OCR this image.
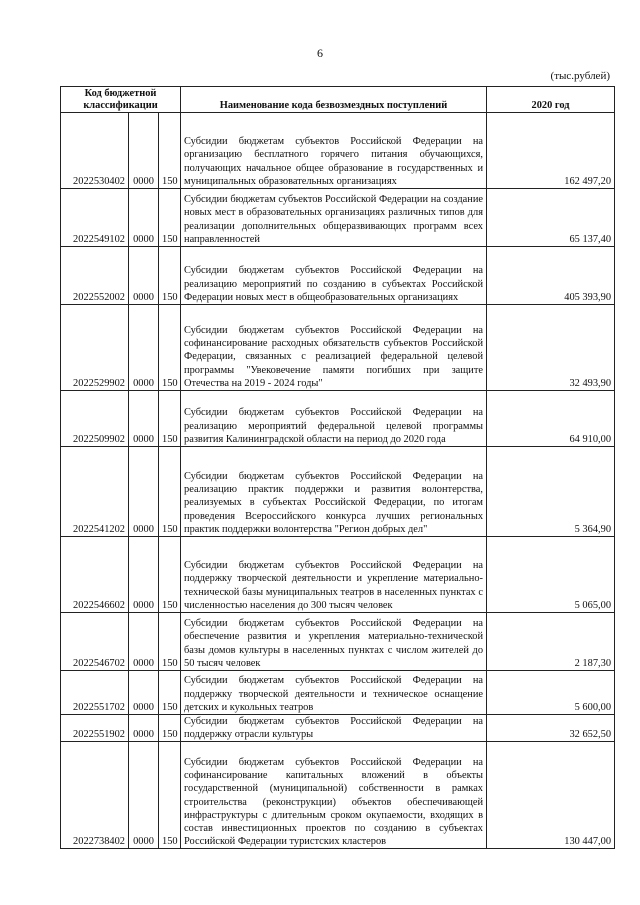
6
(тыс.рублей)
Код бюджетной классификации			Наименование кода безвозмездных поступлений	2020 год
2022530402	0000	150	Субсидии бюджетам субъектов Российской Федерации на организацию бесплатного горячего питания обучающихся, получающих начальное общее образование в государственных и муниципальных образовательных организациях	162 497,20
2022549102	0000	150	Субсидии бюджетам субъектов Российской Федерации на создание новых мест в образовательных организациях различных типов для реализации дополнительных общеразвивающих программ всех направленностей	65 137,40
2022552002	0000	150	Субсидии бюджетам субъектов Российской Федерации на реализацию мероприятий по созданию в субъектах Российской Федерации новых мест в общеобразовательных организациях	405 393,90
2022529902	0000	150	Субсидии бюджетам субъектов Российской Федерации на софинансирование расходных обязательств субъектов Российской Федерации, связанных с реализацией федеральной целевой программы "Увековечение памяти погибших при защите Отечества на 2019 - 2024 годы"	32 493,90
2022509902	0000	150	Субсидии бюджетам субъектов Российской Федерации на реализацию мероприятий федеральной целевой программы развития Калининградской области на период до 2020 года	64 910,00
2022541202	0000	150	Субсидии бюджетам субъектов Российской Федерации на реализацию практик поддержки и развития волонтерства, реализуемых в субъектах Российской Федерации, по итогам проведения Всероссийского конкурса лучших региональных практик поддержки волонтерства "Регион добрых дел"	5 364,90
2022546602	0000	150	Субсидии бюджетам субъектов Российской Федерации на поддержку творческой деятельности и укрепление материально-технической базы муниципальных театров в населенных пунктах с численностью населения до 300 тысяч человек	5 065,00
2022546702	0000	150	Субсидии бюджетам субъектов Российской Федерации на обеспечение развития и укрепления материально-технической базы домов культуры в населенных пунктах с числом жителей до 50 тысяч человек	2 187,30
2022551702	0000	150	Субсидии бюджетам субъектов Российской Федерации на поддержку творческой деятельности и техническое оснащение детских и кукольных театров	5 600,00
2022551902	0000	150	Субсидии бюджетам субъектов Российской Федерации на поддержку отрасли культуры	32 652,50
2022738402	0000	150	Субсидии бюджетам субъектов Российской Федерации на софинансирование капитальных вложений в объекты государственной (муниципальной) собственности в рамках строительства (реконструкции) объектов обеспечивающей инфраструктуры с длительным сроком окупаемости, входящих в состав инвестиционных проектов по созданию в субъектах Российской Федерации туристских кластеров	130 447,00
